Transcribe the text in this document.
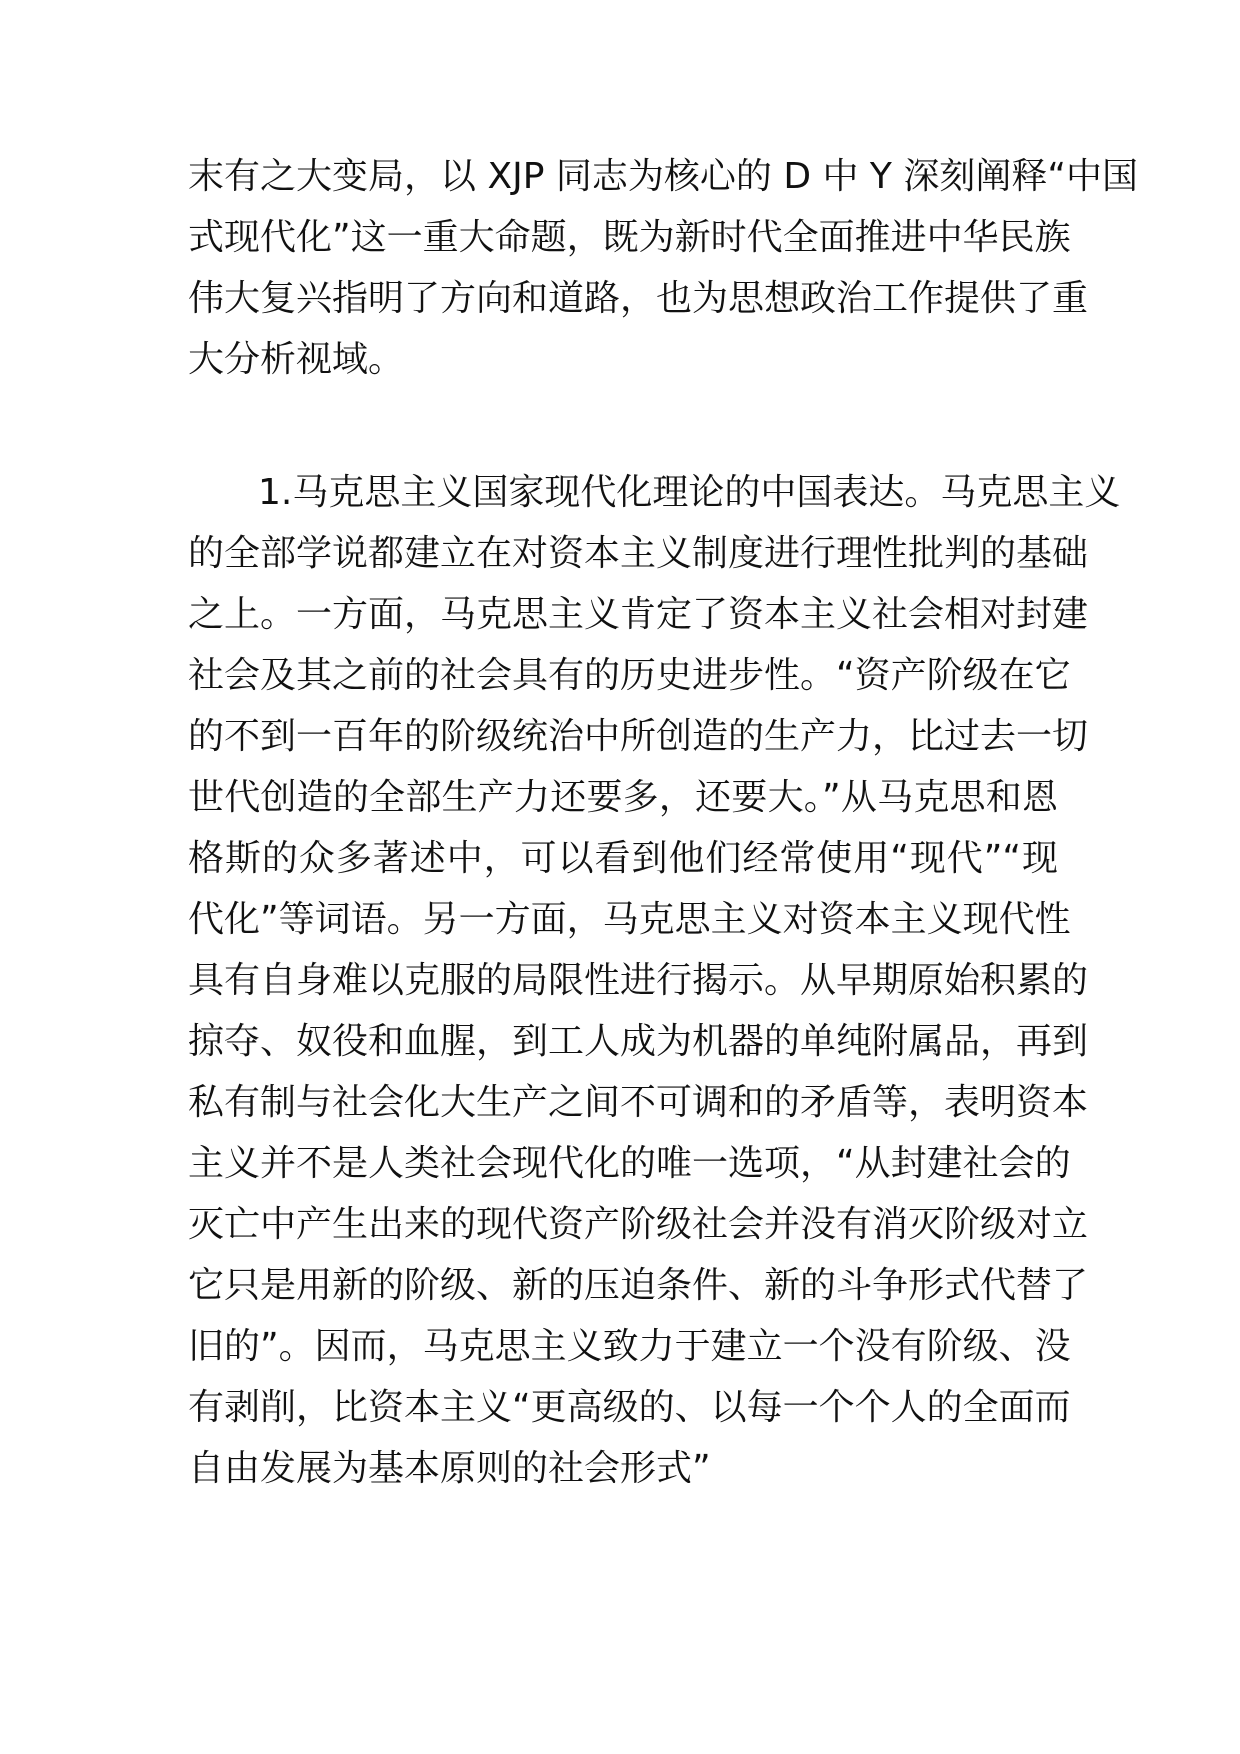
末有之大变局，以 XJP 同志为核心的 D 中 Y 深刻阐释“中国
式现代化”这一重大命题，既为新时代全面推进中华民族
伟大复兴指明了方向和道路，也为思想政治工作提供了重
大分析视域。
1.马克思主义国家现代化理论的中国表达。马克思主义
的全部学说都建立在对资本主义制度进行理性批判的基础
之上。一方面，马克思主义肯定了资本主义社会相对封建
社会及其之前的社会具有的历史进步性。“资产阶级在它
的不到一百年的阶级统治中所创造的生产力，比过去一切
世代创造的全部生产力还要多，还要大。”从马克思和恩
格斯的众多著述中，可以看到他们经常使用“现代”“现
代化”等词语。另一方面，马克思主义对资本主义现代性
具有自身难以克服的局限性进行揭示。从早期原始积累的
掠夺、奴役和血腥，到工人成为机器的单纯附属品，再到
私有制与社会化大生产之间不可调和的矛盾等，表明资本
主义并不是人类社会现代化的唯一选项，“从封建社会的
灭亡中产生出来的现代资产阶级社会并没有消灭阶级对立
它只是用新的阶级、新的压迫条件、新的斗争形式代替了
旧的”。因而，马克思主义致力于建立一个没有阶级、没
有剥削，比资本主义“更高级的、以每一个个人的全面而
自由发展为基本原则的社会形式”
